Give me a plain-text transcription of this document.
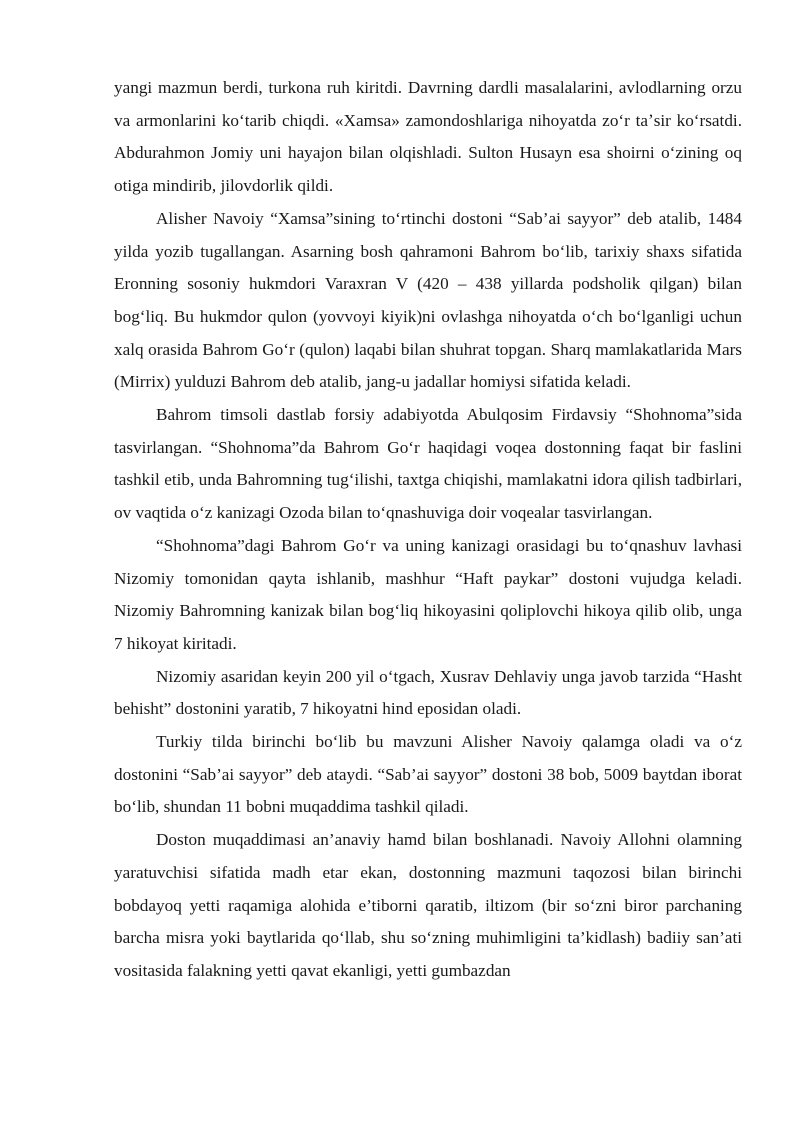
yangi mazmun berdi, turkona ruh kiritdi. Davrning dardli masalalarini, avlodlarning orzu va armonlarini koʻtarib chiqdi. «Xamsa» zamondoshlariga nihoyatda zoʻr taʼsir koʻrsatdi. Abdurahmon Jomiy uni hayajon bilan olqishladi. Sulton Husayn esa shoirni oʻzining oq otiga mindirib, jilovdorlik qildi.

Alisher Navoiy “Xamsa”sining toʻrtinchi dostoni “Sab’ai sayyor” deb atalib, 1484 yilda yozib tugallangan. Asarning bosh qahramoni Bahrom boʻlib, tarixiy shaxs sifatida Eronning sosoniy hukmdori Varaxran V (420 – 438 yillarda podsholik qilgan) bilan bogʻliq. Bu hukmdor qulon (yovvoyi kiyik)ni ovlashga nihoyatda oʻch boʻlganligi uchun xalq orasida Bahrom Goʻr (qulon) laqabi bilan shuhrat topgan. Sharq mamlakatlarida Mars (Mirrix) yulduzi Bahrom deb atalib, jang-u jadallar homiysi sifatida keladi.

Bahrom timsoli dastlab forsiy adabiyotda Abulqosim Firdavsiy “Shohnoma”sida tasvirlangan. “Shohnoma”da Bahrom Goʻr haqidagi voqea dostonning faqat bir faslini tashkil etib, unda Bahromning tugʻilishi, taxtga chiqishi, mamlakatni idora qilish tadbirlari, ov vaqtida oʻz kanizagi Ozoda bilan toʻqnashuviga doir voqealar tasvirlangan.

“Shohnoma”dagi Bahrom Goʻr va uning kanizagi orasidagi bu toʻqnashuv lavhasi Nizomiy tomonidan qayta ishlanib, mashhur “Haft paykar” dostoni vujudga keladi. Nizomiy Bahromning kanizak bilan bogʻliq hikoyasini qoliplovchi hikoya qilib olib, unga 7 hikoyat kiritadi.

Nizomiy asaridan keyin 200 yil oʻtgach, Xusrav Dehlaviy unga javob tarzida “Hasht behisht” dostonini yaratib, 7 hikoyatni hind eposidan oladi.

Turkiy tilda birinchi boʻlib bu mavzuni Alisher Navoiy qalamga oladi va oʻz dostonini “Sab’ai sayyor” deb ataydi. “Sab’ai sayyor” dostoni 38 bob, 5009 baytdan iborat boʻlib, shundan 11 bobni muqaddima tashkil qiladi.

Doston muqaddimasi an’anaviy hamd bilan boshlanadi. Navoiy Allohni olamning yaratuvchisi sifatida madh etar ekan, dostonning mazmuni taqozosi bilan birinchi bobdayoq yetti raqamiga alohida e’tiborni qaratib, iltizom (bir so‘zni biror parchaning barcha misra yoki baytlarida qo‘llab, shu so‘zning muhimligini ta’kidlash) badiiy san’ati vositasida falakning yetti qavat ekanligi, yetti gumbazdan
